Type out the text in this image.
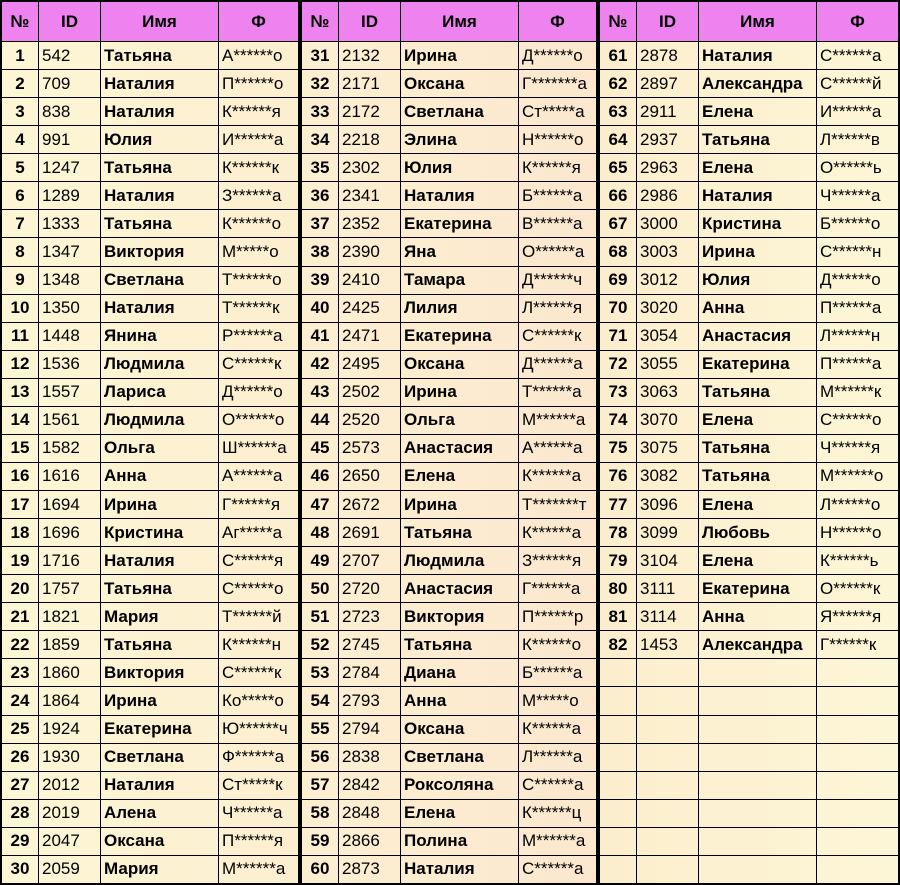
№	ID	Имя	Ф
1	542	Татьяна	А******о
2	709	Наталия	П******о
3	838	Наталия	К******я
4	991	Юлия	И******а
5	1247	Татьяна	К******к
6	1289	Наталия	З******а
7	1333	Татьяна	К******о
8	1347	Виктория	М*****о
9	1348	Светлана	Т******о
10	1350	Наталия	Т******к
11	1448	Янина	Р******а
12	1536	Людмила	С******к
13	1557	Лариса	Д******о
14	1561	Людмила	О******о
15	1582	Ольга	Ш******а
16	1616	Анна	А******а
17	1694	Ирина	Г******я
18	1696	Кристина	Аг*****а
19	1716	Наталия	С******я
20	1757	Татьяна	С******о
21	1821	Мария	Т******й
22	1859	Татьяна	К******н
23	1860	Виктория	С******к
24	1864	Ирина	Ко*****о
25	1924	Екатерина	Ю******ч
26	1930	Светлана	Ф******а
27	2012	Наталия	Ст*****к
28	2019	Алена	Ч******а
29	2047	Оксана	П******я
30	2059	Мария	М******а
№	ID	Имя	Ф
31	2132	Ирина	Д******о
32	2171	Оксана	Г*******а
33	2172	Светлана	Ст*****а
34	2218	Элина	Н******о
35	2302	Юлия	К******я
36	2341	Наталия	Б******а
37	2352	Екатерина	В******а
38	2390	Яна	О******а
39	2410	Тамара	Д******ч
40	2425	Лилия	Л******я
41	2471	Екатерина	С******к
42	2495	Оксана	Д******а
43	2502	Ирина	Т******а
44	2520	Ольга	М******а
45	2573	Анастасия	А******а
46	2650	Елена	К******а
47	2672	Ирина	Т*******т
48	2691	Татьяна	К******а
49	2707	Людмила	З******я
50	2720	Анастасия	Г******а
51	2723	Виктория	П******р
52	2745	Татьяна	К******о
53	2784	Диана	Б******а
54	2793	Анна	М*****о
55	2794	Оксана	К******а
56	2838	Светлана	Л******а
57	2842	Роксоляна	С******а
58	2848	Елена	К******ц
59	2866	Полина	М******а
60	2873	Наталия	С******а
№	ID	Имя	Ф
61	2878	Наталия	С******а
62	2897	Александра	С******й
63	2911	Елена	И******а
64	2937	Татьяна	Л******в
65	2963	Елена	О******ь
66	2986	Наталия	Ч******а
67	3000	Кристина	Б******о
68	3003	Ирина	С******н
69	3012	Юлия	Д******о
70	3020	Анна	П******а
71	3054	Анастасия	Л******н
72	3055	Екатерина	П******а
73	3063	Татьяна	М******к
74	3070	Елена	С******о
75	3075	Татьяна	Ч******я
76	3082	Татьяна	М******о
77	3096	Елена	Л******о
78	3099	Любовь	Н******о
79	3104	Елена	К******ь
80	3111	Екатерина	О******к
81	3114	Анна	Я******я
82	1453	Александра	Г******к
